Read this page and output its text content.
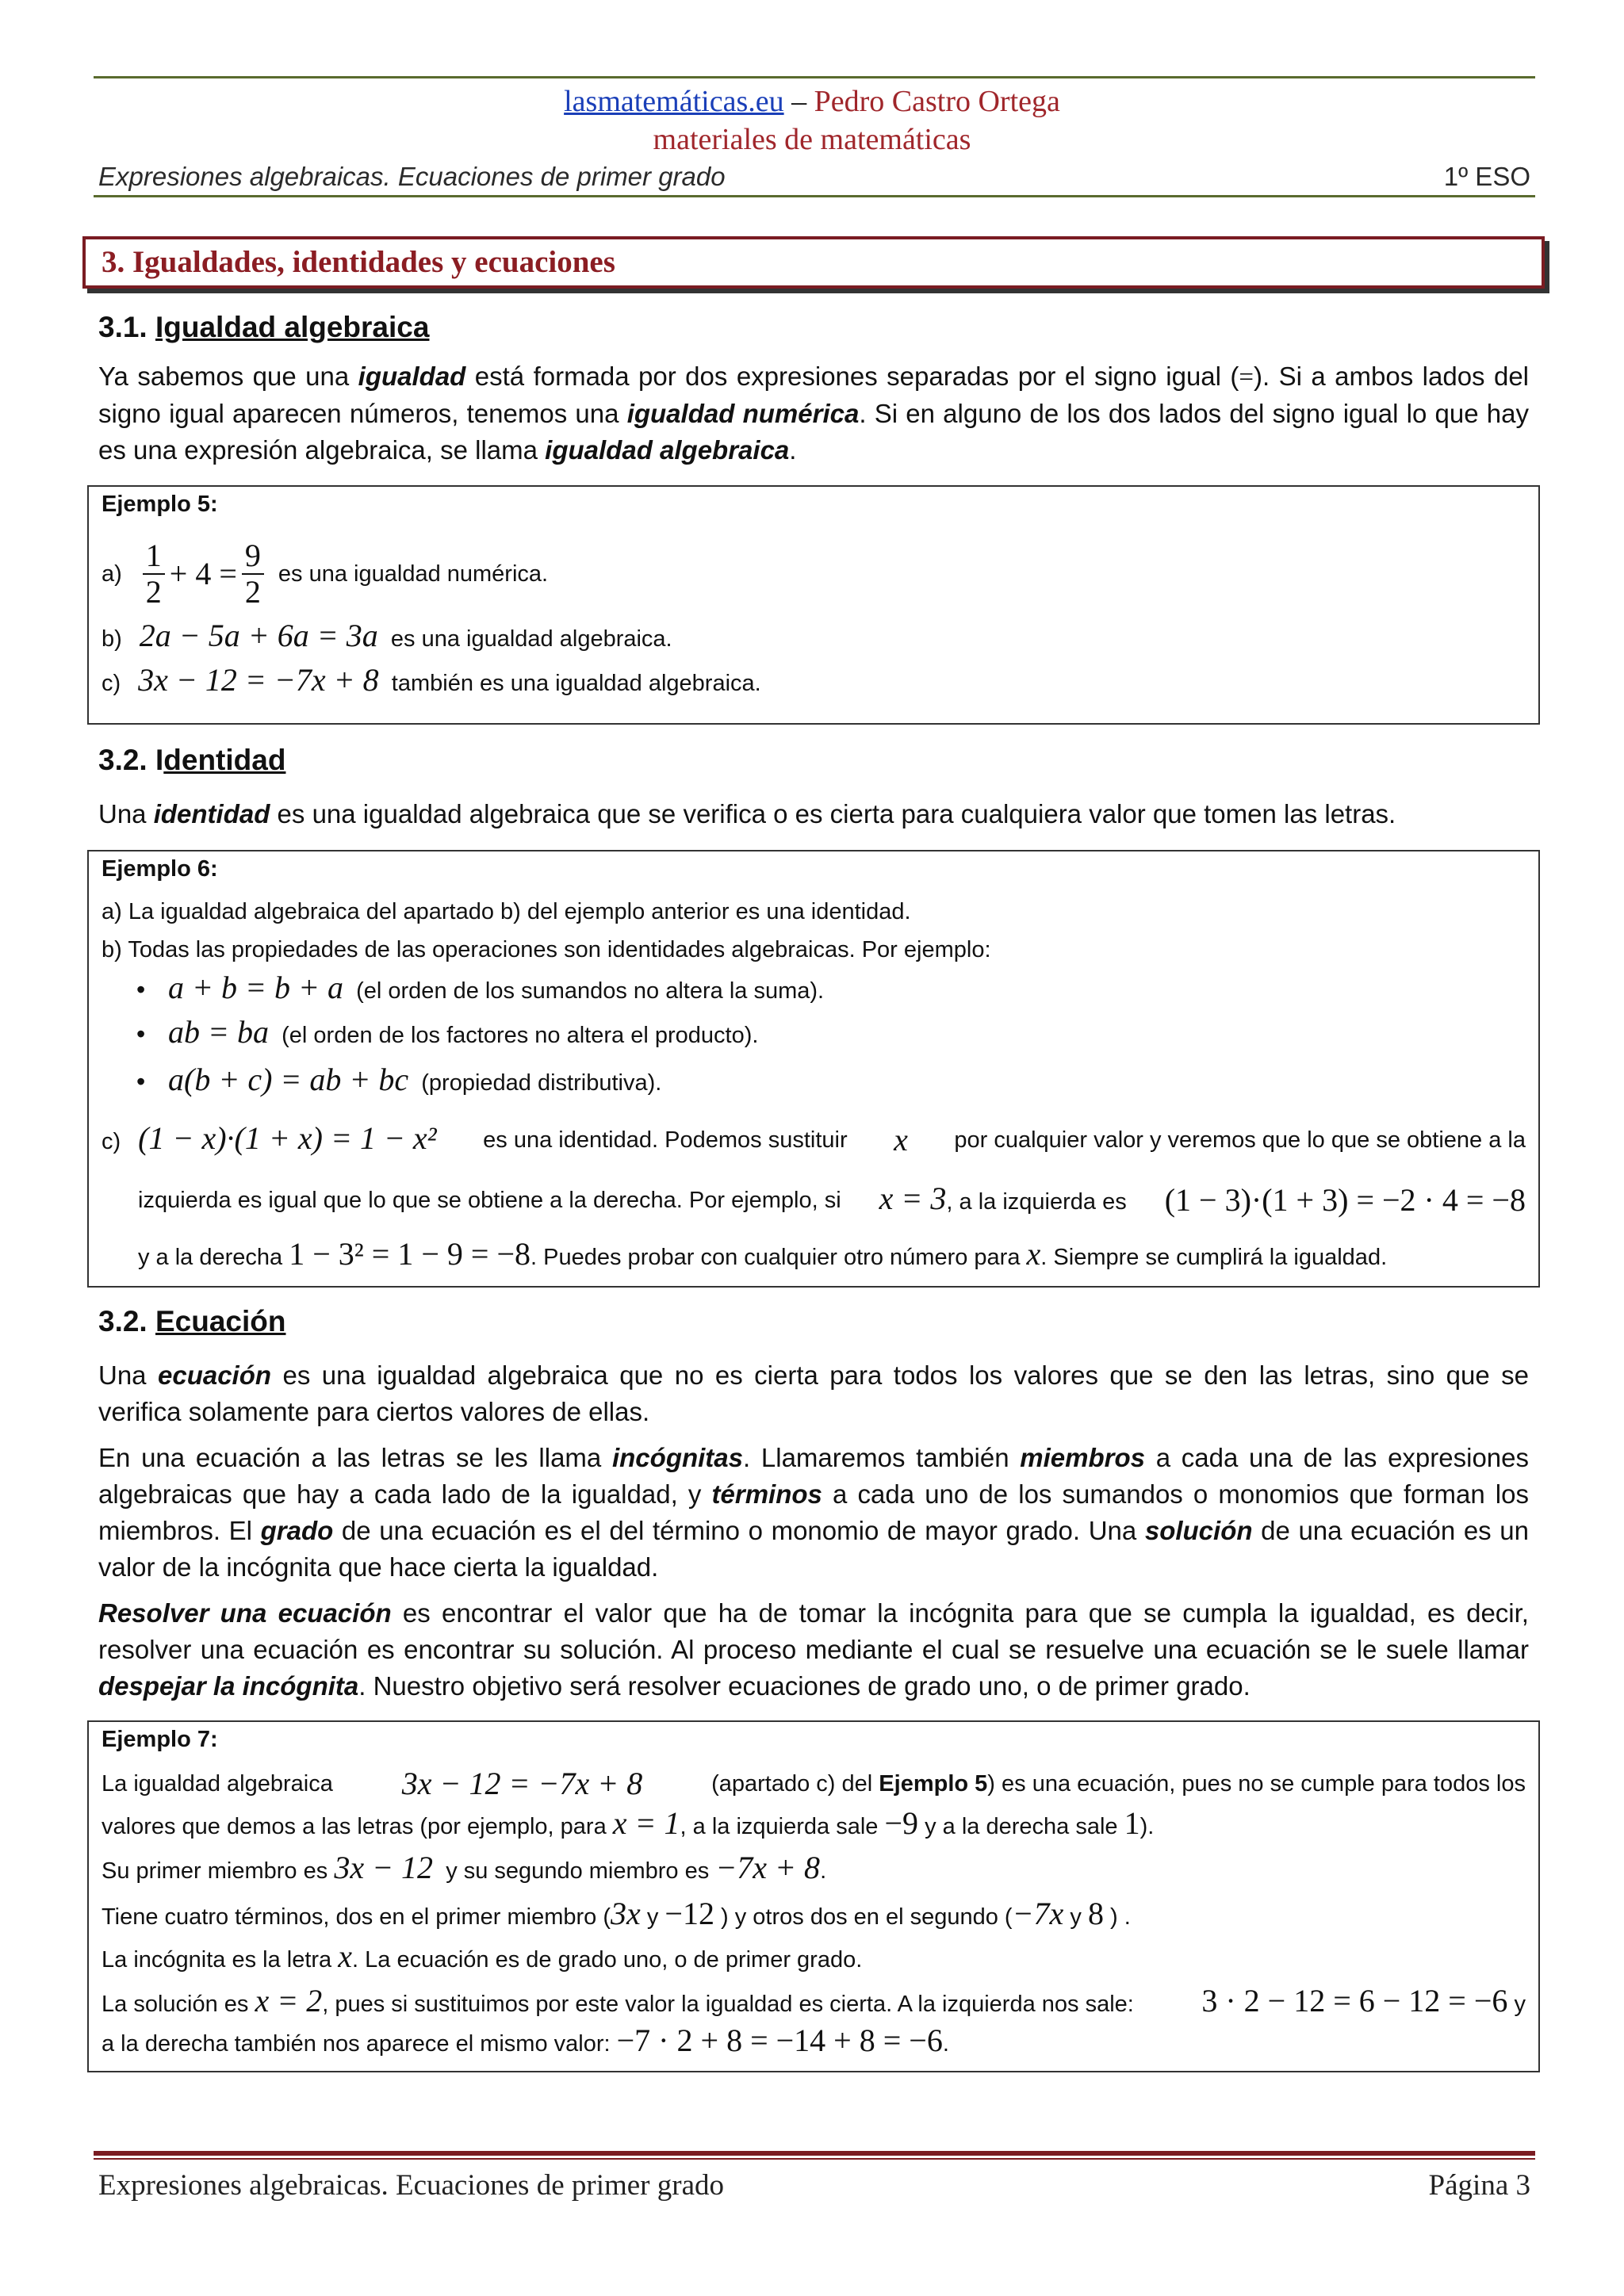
lasmatemáticas.eu – Pedro Castro Ortega
materiales de matemáticas
Expresiones algebraicas. Ecuaciones de primer grado	1º ESO
3. Igualdades, identidades y ecuaciones
3.1. Igualdad algebraica
Ya sabemos que una igualdad está formada por dos expresiones separadas por el signo igual (=). Si a ambos lados del signo igual aparecen números, tenemos una igualdad numérica. Si en alguno de los dos lados del signo igual lo que hay es una expresión algebraica, se llama igualdad algebraica.
Ejemplo 5:
$a) \frac{1}{2} + 4 = \frac{9}{2}$ es una igualdad numérica.
b) 2a − 5a + 6a = 3a es una igualdad algebraica.
c) 3x − 12 = −7x + 8 también es una igualdad algebraica.
3.2. Identidad
Una identidad es una igualdad algebraica que se verifica o es cierta para cualquiera valor que tomen las letras.
Ejemplo 6:
a) La igualdad algebraica del apartado b) del ejemplo anterior es una identidad.
b) Todas las propiedades de las operaciones son identidades algebraicas. Por ejemplo:
• a + b = b + a (el orden de los sumandos no altera la suma).
• ab = ba (el orden de los factores no altera el producto).
• a(b + c) = ab + bc (propiedad distributiva).
c) (1 − x)·(1 + x) = 1 − x² es una identidad. Podemos sustituir x por cualquier valor y veremos que lo que se obtiene a la
izquierda es igual que lo que se obtiene a la derecha. Por ejemplo, si x = 3, a la izquierda es (1 − 3)·(1 + 3) = −2 · 4 = −8
y a la derecha 1 − 3² = 1 − 9 = −8. Puedes probar con cualquier otro número para x. Siempre se cumplirá la igualdad.
3.2. Ecuación
Una ecuación es una igualdad algebraica que no es cierta para todos los valores que se den las letras, sino que se verifica solamente para ciertos valores de ellas.
En una ecuación a las letras se les llama incógnitas. Llamaremos también miembros a cada una de las expresiones algebraicas que hay a cada lado de la igualdad, y términos a cada uno de los sumandos o monomios que forman los miembros. El grado de una ecuación es el del término o monomio de mayor grado. Una solución de una ecuación es un valor de la incógnita que hace cierta la igualdad.
Resolver una ecuación es encontrar el valor que ha de tomar la incógnita para que se cumpla la igualdad, es decir, resolver una ecuación es encontrar su solución. Al proceso mediante el cual se resuelve una ecuación se le suele llamar despejar la incógnita. Nuestro objetivo será resolver ecuaciones de grado uno, o de primer grado.
Ejemplo 7:
La igualdad algebraica 3x − 12 = −7x + 8	(apartado c) del Ejemplo 5) es una ecuación, pues no se cumple para todos los
valores que demos a las letras (por ejemplo, para x = 1, a la izquierda sale −9 y a la derecha sale 1).
Su primer miembro es 3x − 12 y su segundo miembro es −7x + 8.
Tiene cuatro términos, dos en el primer miembro (3x y −12 ) y otros dos en el segundo (−7x y 8 ) .
La incógnita es la letra x. La ecuación es de grado uno, o de primer grado.
La solución es x = 2, pues si sustituimos por este valor la igualdad es cierta. A la izquierda nos sale: 3 · 2 − 12 = 6 − 12 = −6 y
a la derecha también nos aparece el mismo valor: −7 · 2 + 8 = −14 + 8 = −6.
Expresiones algebraicas. Ecuaciones de primer grado	Página 3
